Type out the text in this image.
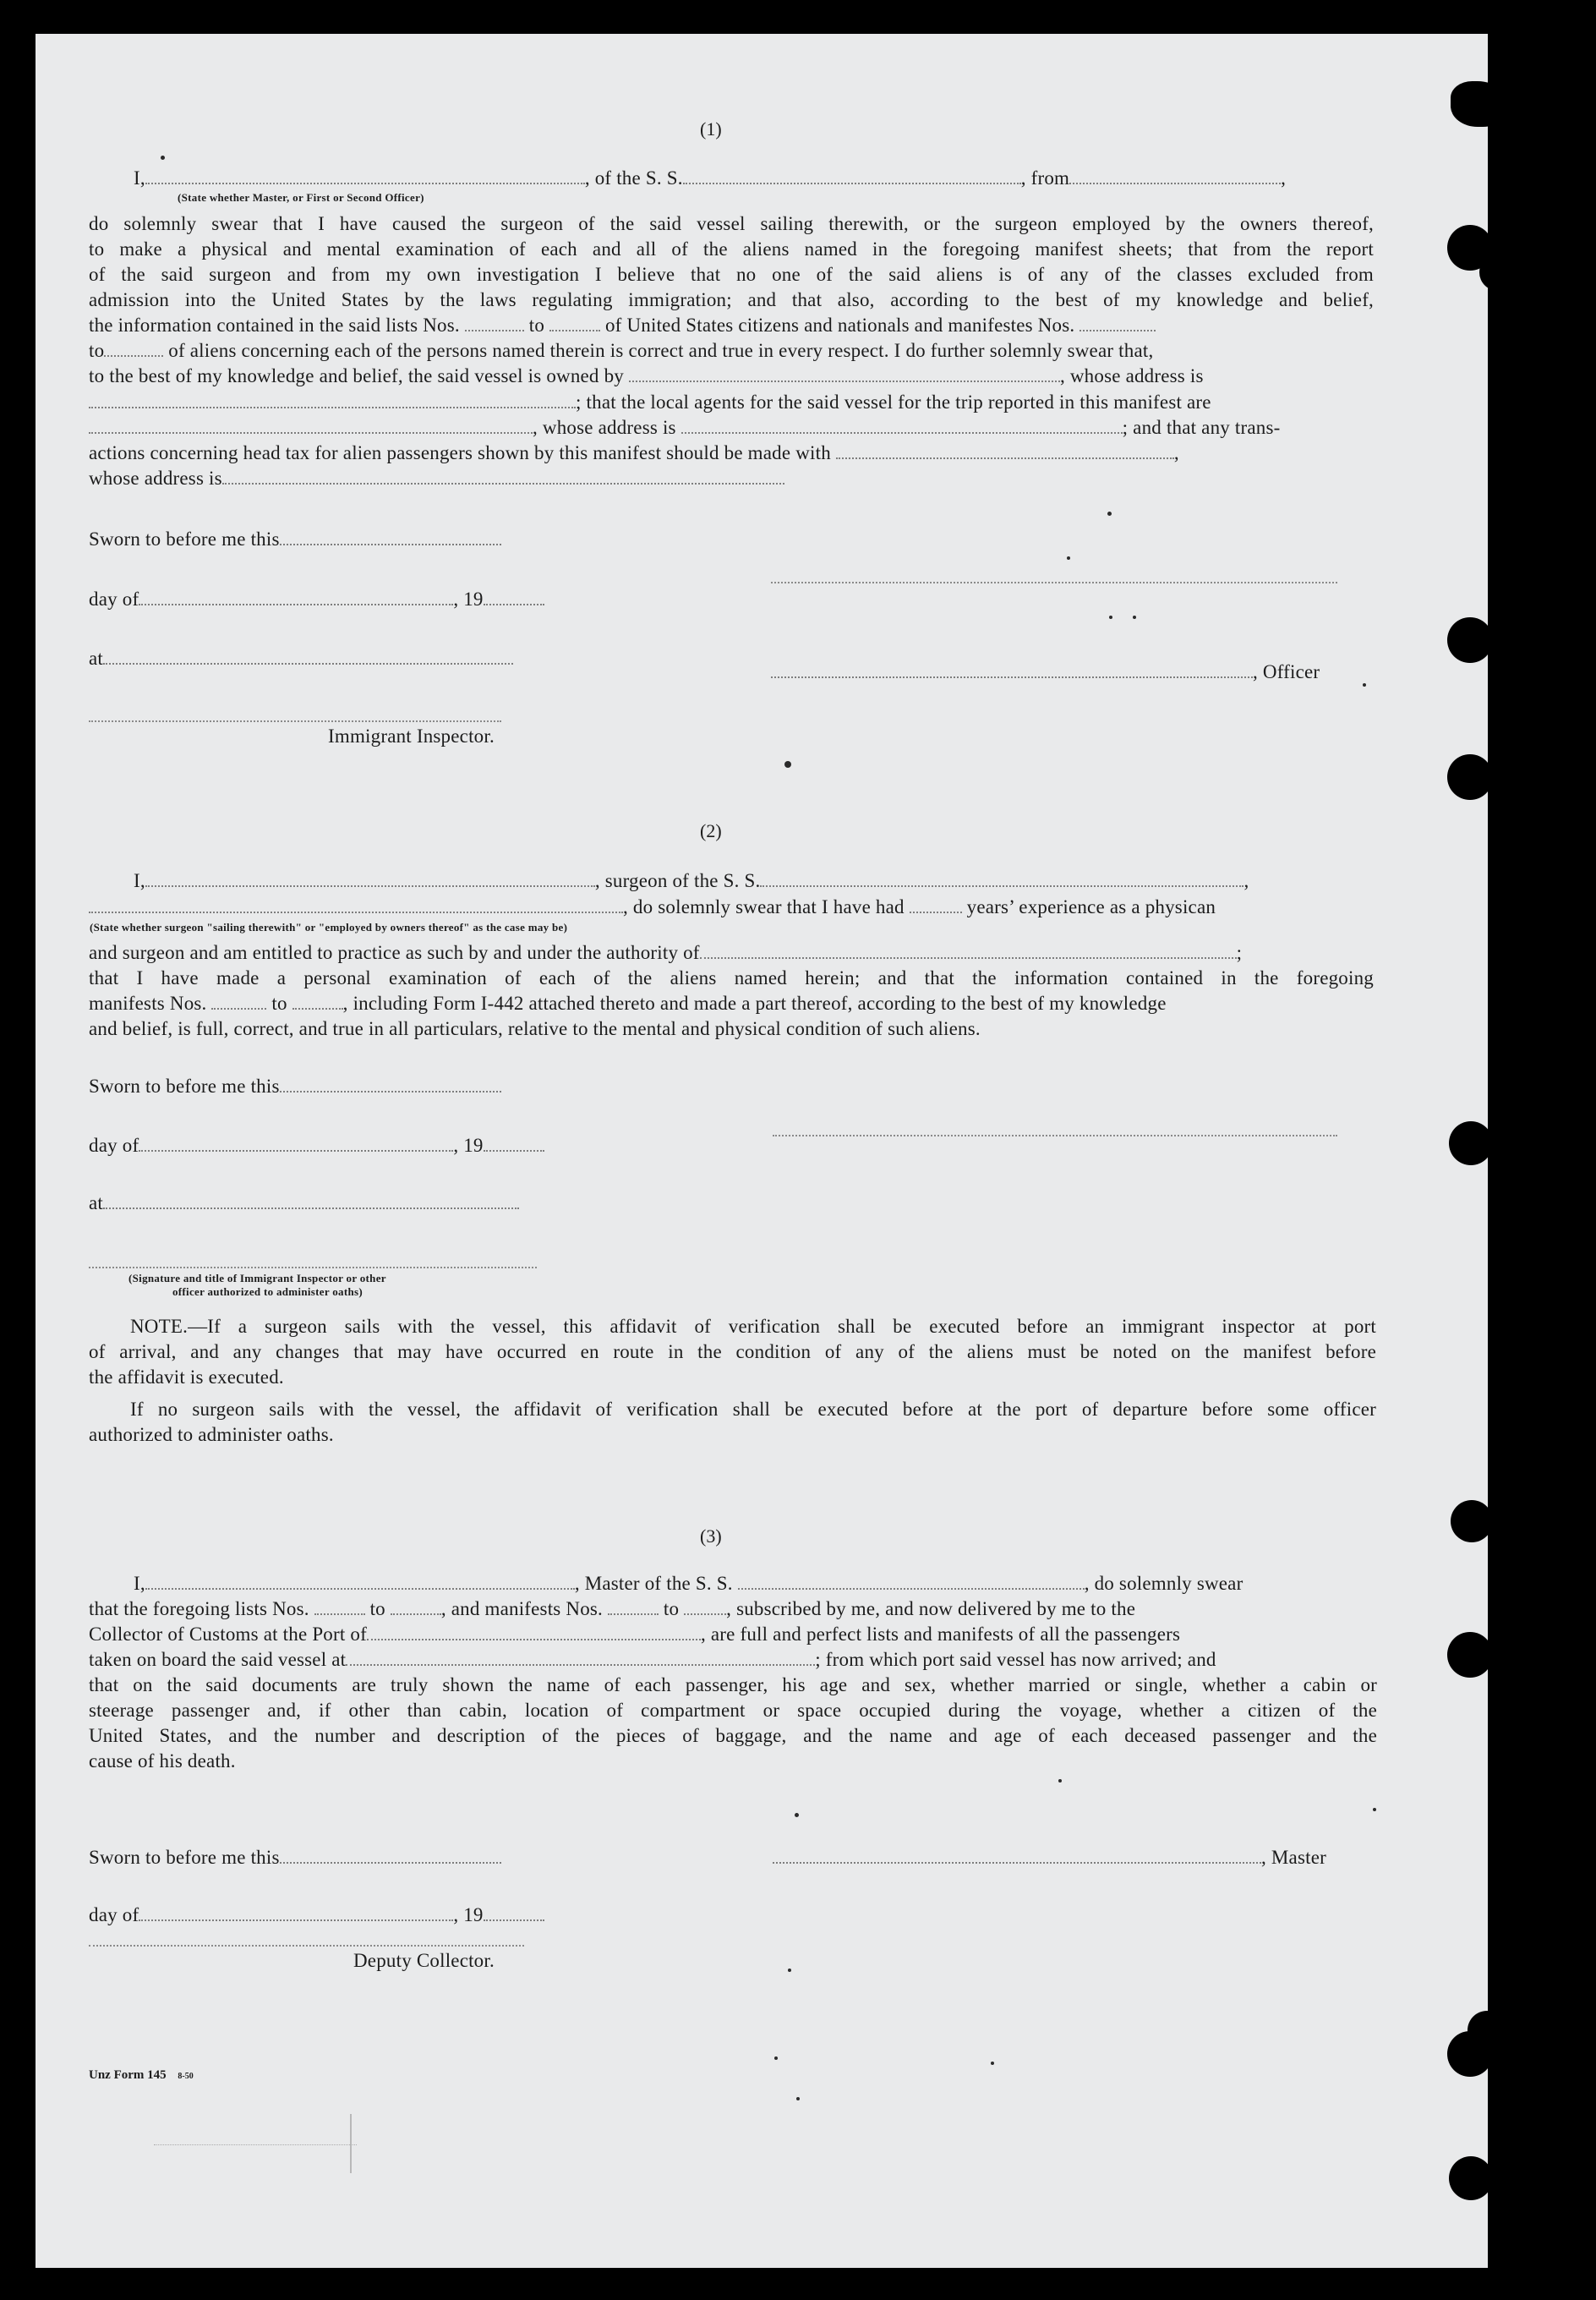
(1)
I,	, of the S. S.	, from	,
(State whether Master, or First or Second Officer)
do solemnly swear that I have caused the surgeon of the said vessel sailing therewith, or the surgeon employed by the owners thereof,
to make a physical and mental examination of each and all of the aliens named in the foregoing manifest sheets; that from the report
of the said surgeon and from my own investigation I believe that no one of the said aliens is of any of the classes excluded from
admission into the United States by the laws regulating immigration; and that also, according to the best of my knowledge and belief,
the information contained in the said lists Nos.	to	of United States citizens and nationals and manifestes Nos.
to	of aliens concerning each of the persons named therein is correct and true in every respect. I do further solemnly swear that,
to the best of my knowledge and belief, the said vessel is owned by	, whose address is
; that the local agents for the said vessel for the trip reported in this manifest are
, whose address is	; and that any trans-
actions concerning head tax for alien passengers shown by this manifest should be made with	,
whose address is
Sworn to before me this
day of	, 19
at
, Officer
Immigrant Inspector.
(2)
I,	, surgeon of the S. S.	,
, do solemnly swear that I have had	years’ experience as a physican
(State whether surgeon "sailing therewith" or "employed by owners thereof" as the case may be)
and surgeon and am entitled to practice as such by and under the authority of	;
that I have made a personal examination of each of the aliens named herein; and that the information contained in the foregoing
manifests Nos.	to	, including Form I-442 attached thereto and made a part thereof, according to the best of my knowledge
and belief, is full, correct, and true in all particulars, relative to the mental and physical condition of such aliens.
Sworn to before me this
day of	, 19
at
(Signature and title of Immigrant Inspector or other
officer authorized to administer oaths)
NOTE.—If a surgeon sails with the vessel, this affidavit of verification shall be executed before an immigrant inspector at port
of arrival, and any changes that may have occurred en route in the condition of any of the aliens must be noted on the manifest before
the affidavit is executed.
If no surgeon sails with the vessel, the affidavit of verification shall be executed before at the port of departure before some officer
authorized to administer oaths.
(3)
I,	, Master of the S. S.	, do solemnly swear
that the foregoing lists Nos.	to	, and manifests Nos.	to , subscribed by me, and now delivered by me to the
Collector of Customs at the Port of	, are full and perfect lists and manifests of all the passengers
taken on board the said vessel at	; from which port said vessel has now arrived; and
that on the said documents are truly shown the name of each passenger, his age and sex, whether married or single, whether a cabin or
steerage passenger and, if other than cabin, location of compartment or space occupied during the voyage, whether a citizen of the
United States, and the number and description of the pieces of baggage, and the name and age of each deceased passenger and the
cause of his death.
Sworn to before me this	, Master
day of	, 19
Deputy Collector.
Unz Form 145 8-50
